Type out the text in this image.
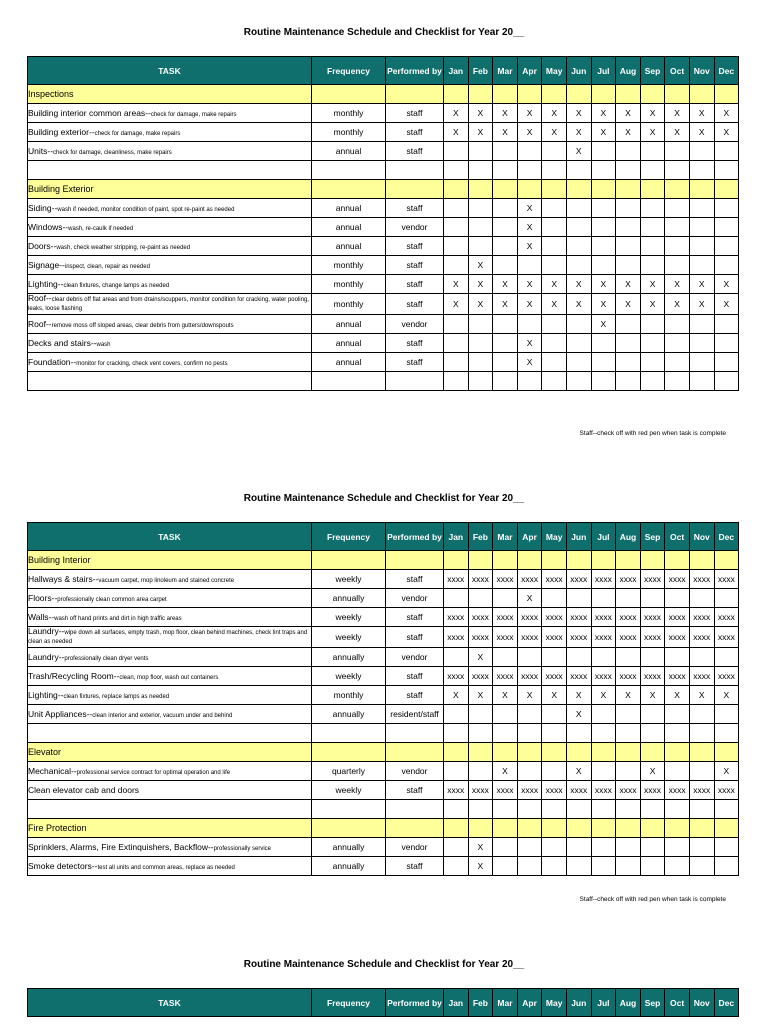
Routine Maintenance Schedule and Checklist for Year 20__
TASK	Frequency	Performed by	Jan	Feb	Mar	Apr	May	Jun	Jul	Aug	Sep	Oct	Nov	Dec
Inspections														
Building interior common areas--check for damage, make repairs	monthly	staff	X	X	X	X	X	X	X	X	X	X	X	X
Building exterior--check for damage, make repairs	monthly	staff	X	X	X	X	X	X	X	X	X	X	X	X
Units--check for damage, cleanliness, make repairs	annual	staff						X						

Building Exterior														
Siding--wash if needed, monitor condition of paint, spot re-paint as needed	annual	staff				X								
Windows--wash, re-caulk if needed	annual	vendor				X								
Doors--wash, check weather stripping, re-paint as needed	annual	staff				X								
Signage--inspect, clean, repair as needed	monthly	staff		X										
Lighting--clean fixtures, change lamps as needed	monthly	staff	X	X	X	X	X	X	X	X	X	X	X	X
Roof--clear debris off flat areas and from drains/scuppers, monitor condition for cracking, water pooling, leaks, loose flashing	monthly	staff	X	X	X	X	X	X	X	X	X	X	X	X
Roof--remove moss off sloped areas, clear debris from gutters/downspouts	annual	vendor							X					
Decks and stairs--wash	annual	staff				X								
Foundation--monitor for cracking, check vent covers, confirm no pests	annual	staff				X								

Staff--check off with red pen when task is complete
Routine Maintenance Schedule and Checklist for Year 20__
TASK	Frequency	Performed by	Jan	Feb	Mar	Apr	May	Jun	Jul	Aug	Sep	Oct	Nov	Dec
Building Interior														
Hallways & stairs--vacuum carpet, mop linoleum and stained concrete	weekly	staff	xxxx	xxxx	xxxx	xxxx	xxxx	xxxx	xxxx	xxxx	xxxx	xxxx	xxxx	xxxx
Floors--professionally clean common area carpet	annually	vendor				X								
Walls--wash off hand prints and dirt in high traffic areas	weekly	staff	xxxx	xxxx	xxxx	xxxx	xxxx	xxxx	xxxx	xxxx	xxxx	xxxx	xxxx	xxxx
Laundry--wipe down all surfaces, empty trash, mop floor, clean behind machines, check lint traps and clean as needed	weekly	staff	xxxx	xxxx	xxxx	xxxx	xxxx	xxxx	xxxx	xxxx	xxxx	xxxx	xxxx	xxxx
Laundry--professionally clean dryer vents	annually	vendor		X										
Trash/Recycling Room--clean, mop floor, wash out containers	weekly	staff	xxxx	xxxx	xxxx	xxxx	xxxx	xxxx	xxxx	xxxx	xxxx	xxxx	xxxx	xxxx
Lighting--clean fixtures, replace lamps as needed	monthly	staff	X	X	X	X	X	X	X	X	X	X	X	X
Unit Appliances--clean interior and exterior, vacuum under and behind	annually	resident/staff						X						

Elevator														
Mechanical--professional service contract for optimal operation and life	quarterly	vendor			X			X			X			X
Clean elevator cab and doors	weekly	staff	xxxx	xxxx	xxxx	xxxx	xxxx	xxxx	xxxx	xxxx	xxxx	xxxx	xxxx	xxxx

Fire Protection														
Sprinklers, Alarms, Fire Extinquishers, Backflow--professionally service	annually	vendor		X										
Smoke detectors--test all units and common areas, replace as needed	annually	staff		X										
Staff--check off with red pen when task is complete
Routine Maintenance Schedule and Checklist for Year 20__
TASK	Frequency	Performed by	Jan	Feb	Mar	Apr	May	Jun	Jul	Aug	Sep	Oct	Nov	Dec
